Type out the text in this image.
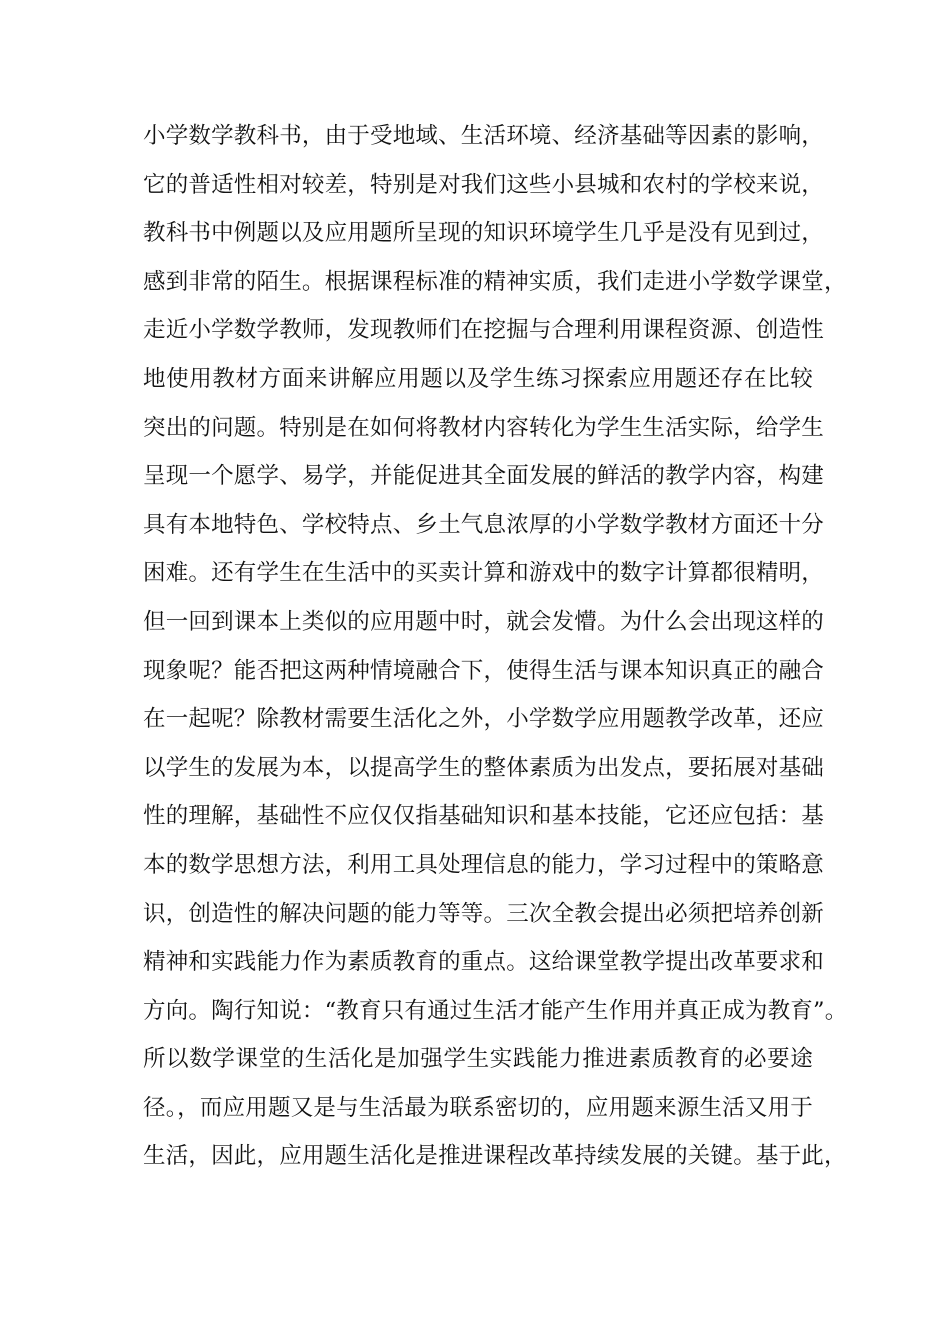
小学数学教科书，由于受地域、生活环境、经济基础等因素的影响，
它的普适性相对较差，特别是对我们这些小县城和农村的学校来说，
教科书中例题以及应用题所呈现的知识环境学生几乎是没有见到过，
感到非常的陌生。根据课程标准的精神实质，我们走进小学数学课堂，
走近小学数学教师，发现教师们在挖掘与合理利用课程资源、创造性
地使用教材方面来讲解应用题以及学生练习探索应用题还存在比较
突出的问题。特别是在如何将教材内容转化为学生生活实际，给学生
呈现一个愿学、易学，并能促进其全面发展的鲜活的教学内容，构建
具有本地特色、学校特点、乡土气息浓厚的小学数学教材方面还十分
困难。还有学生在生活中的买卖计算和游戏中的数字计算都很精明，
但一回到课本上类似的应用题中时，就会发懵。为什么会出现这样的
现象呢？能否把这两种情境融合下，使得生活与课本知识真正的融合
在一起呢？除教材需要生活化之外，小学数学应用题教学改革，还应
以学生的发展为本，以提高学生的整体素质为出发点，要拓展对基础
性的理解，基础性不应仅仅指基础知识和基本技能，它还应包括：基
本的数学思想方法，利用工具处理信息的能力，学习过程中的策略意
识，创造性的解决问题的能力等等。三次全教会提出必须把培养创新
精神和实践能力作为素质教育的重点。这给课堂教学提出改革要求和
方向。陶行知说：“教育只有通过生活才能产生作用并真正成为教育”。
所以数学课堂的生活化是加强学生实践能力推进素质教育的必要途
径。，而应用题又是与生活最为联系密切的，应用题来源生活又用于
生活，因此，应用题生活化是推进课程改革持续发展的关键。基于此，
